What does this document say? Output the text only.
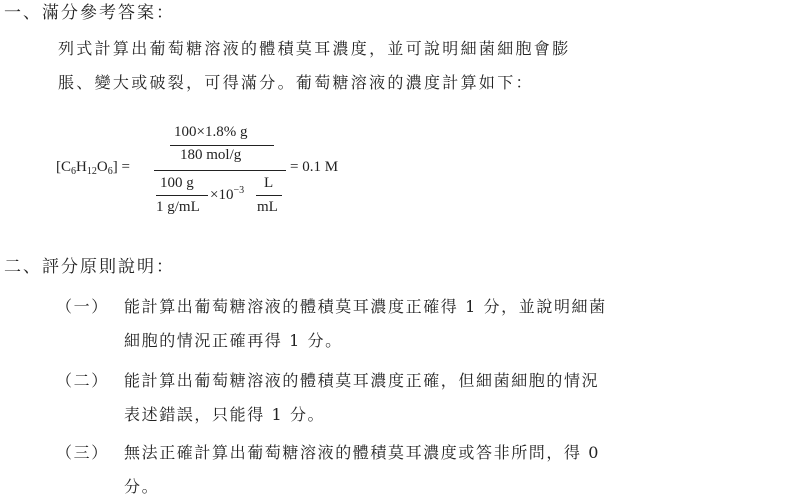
一、滿分參考答案：
列式計算出葡萄糖溶液的體積莫耳濃度，並可說明細菌細胞會膨
脹、變大或破裂，可得滿分。葡萄糖溶液的濃度計算如下：
$[C_6H_{12}O_6]$ =
100×1.8% g
180 mol/g
100 g
1 g/mL
$\times 10^{-3}$ L
mL
= 0.1 M
二、評分原則說明：
（一） 能計算出葡萄糖溶液的體積莫耳濃度正確得 1 分，並說明細菌
細胞的情況正確再得 1 分。
（二） 能計算出葡萄糖溶液的體積莫耳濃度正確，但細菌細胞的情況
表述錯誤，只能得 1 分。
（三） 無法正確計算出葡萄糖溶液的體積莫耳濃度或答非所問，得 0
分。
